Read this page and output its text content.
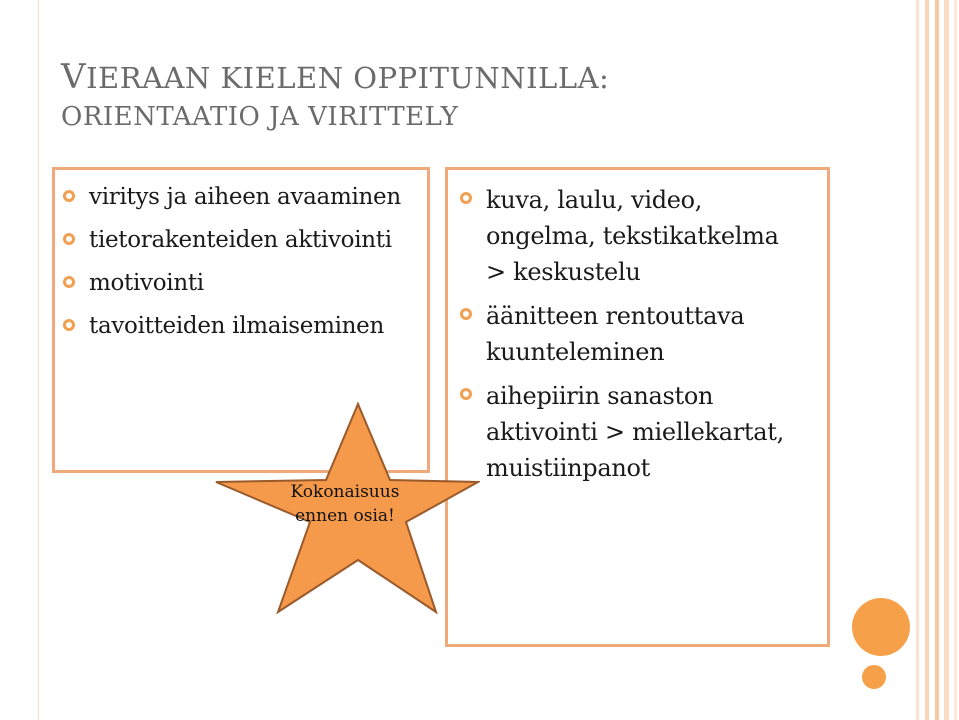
VIERAAN KIELEN OPPITUNNILLA:
ORIENTAATIO JA VIRITTELY
viritys ja aiheen avaaminen
tietorakenteiden aktivointi
motivointi
tavoitteiden ilmaiseminen
kuva, laulu, video, ongelma, tekstikatkelma > keskustelu
äänitteen rentouttava kuunteleminen
aihepiirin sanaston aktivointi > miellekartat, muistiinpanot
Kokonaisuus
ennen osia!
